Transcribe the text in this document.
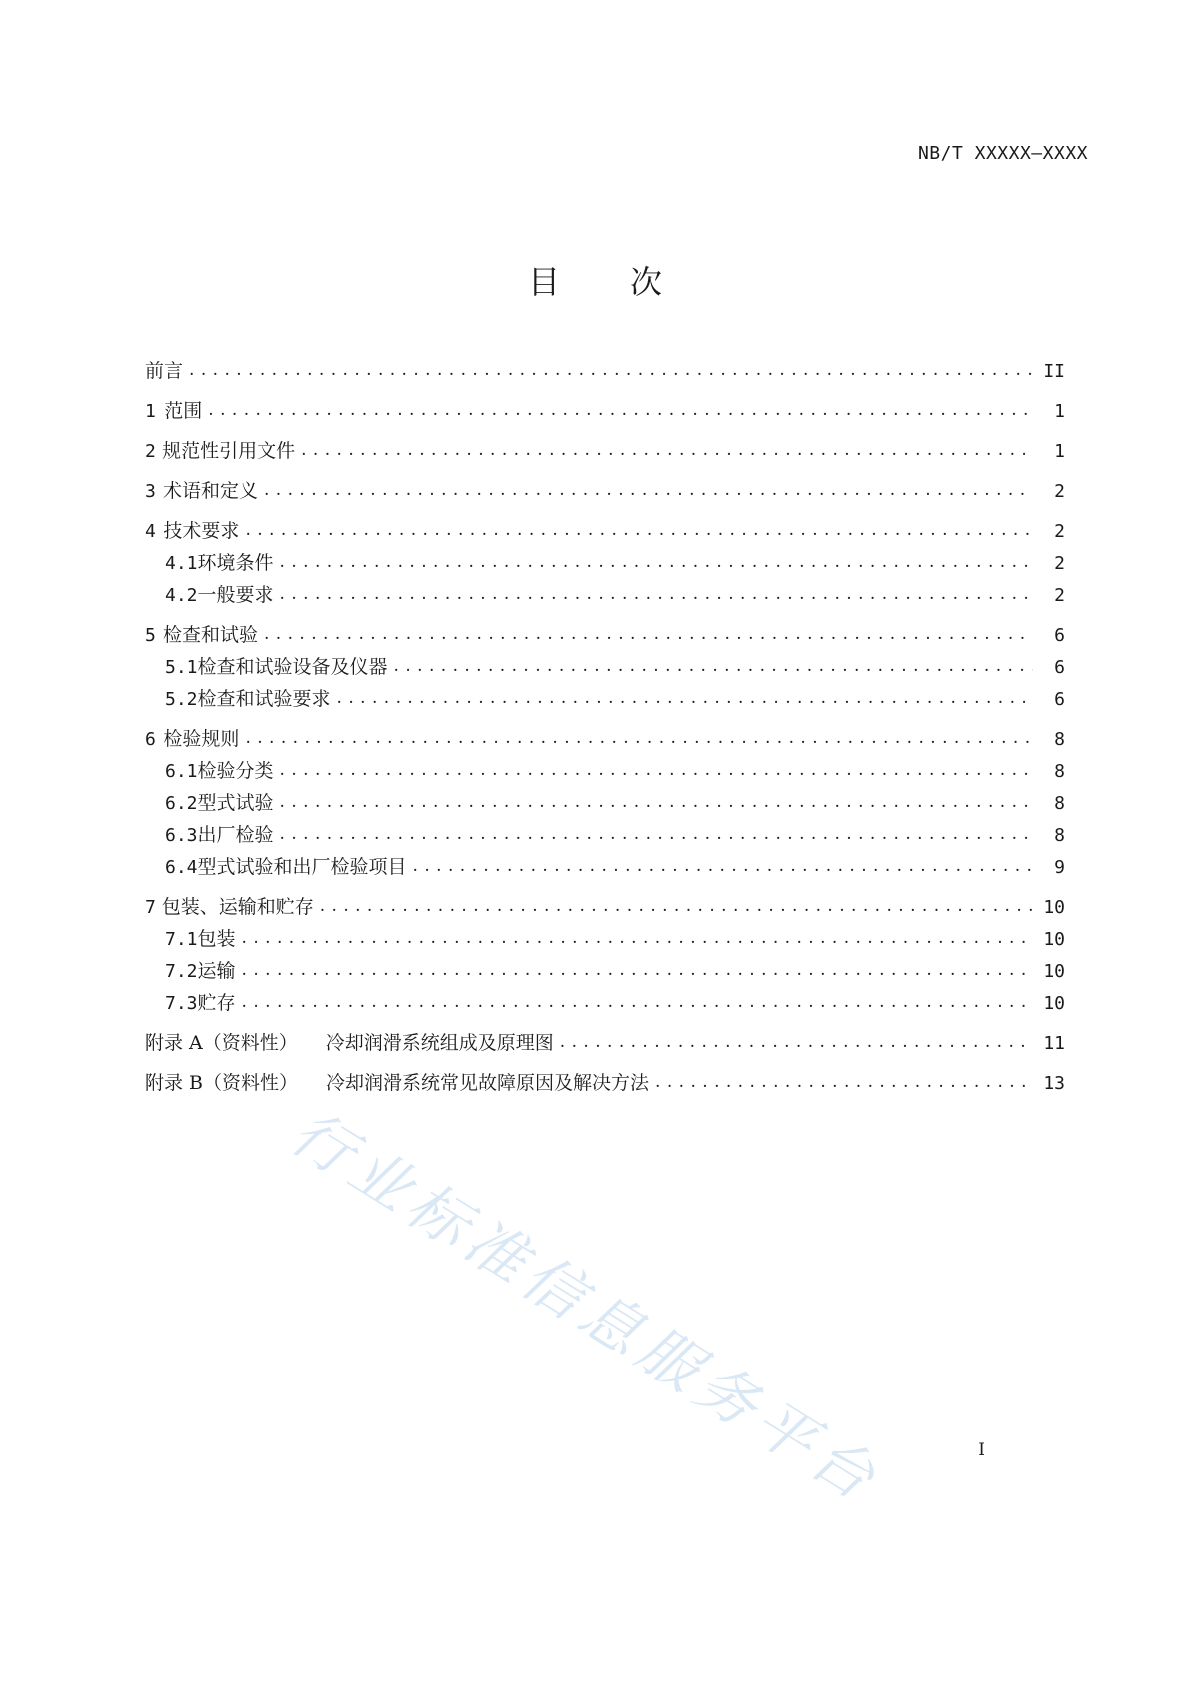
NB/T XXXXX—XXXX
目 次
前言 . . .	II
1 范围 . . .	1
2 规范性引用文件 . . .	1
3 术语和定义 . . .	2
4 技术要求 . . .	2
4.1 环境条件 . . .	2
4.2 一般要求 . . .	2
5 检查和试验 . . .	6
5.1 检查和试验设备及仪器 . . .	6
5.2 检查和试验要求 . . .	6
6 检验规则 . . .	8
6.1 检验分类 . . .	8
6.2 型式试验 . . .	8
6.3 出厂检验 . . .	8
6.4 型式试验和出厂检验项目 . . .	9
7 包装、运输和贮存 . . .	10
7.1 包装 . . .	10
7.2 运输 . . .	10
7.3 贮存 . . .	10
附录 A（资料性） 冷却润滑系统组成及原理图 . . .	11
附录 B（资料性） 冷却润滑系统常见故障原因及解决方法 . . .	13
行业标准信息服务平台	I
